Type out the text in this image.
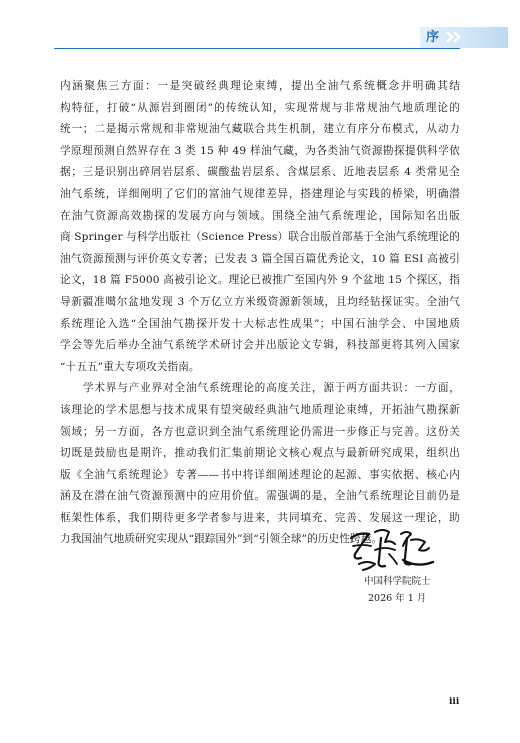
序

内涵聚焦三方面：一是突破经典理论束缚，提出全油气系统概念并明确其结

构特征，打破“从源岩到圈闭”的传统认知，实现常规与非常规油气地质理论的

统一；二是揭示常规和非常规油气藏联合共生机制，建立有序分布模式，从动力

学原理预测自然界存在 3 类 15 种 49 样油气藏，为各类油气资源勘探提供科学依

据；三是识别出碎屑岩层系、碳酸盐岩层系、含煤层系、近地表层系 4 类常见全

油气系统，详细阐明了它们的富油气规律差异，搭建理论与实践的桥梁，明确潜

在油气资源高效勘探的发展方向与领域。围绕全油气系统理论，国际知名出版

商 Springer 与科学出版社（Science Press）联合出版首部基于全油气系统理论的

油气资源预测与评价英文专著；已发表 3 篇全国百篇优秀论文，10 篇 ESI 高被引

论文，18 篇 F5000 高被引论文。理论已被推广至国内外 9 个盆地 15 个探区，指

导新疆准噶尔盆地发现 3 个万亿立方米级资源新领域，且均经钻探证实。全油气

系统理论入选“全国油气勘探开发十大标志性成果”；中国石油学会、中国地质

学会等先后举办全油气系统学术研讨会并出版论文专辑，科技部更将其列入国家

“十五五”重大专项攻关指南。

　　学术界与产业界对全油气系统理论的高度关注，源于两方面共识：一方面，

该理论的学术思想与技术成果有望突破经典油气地质理论束缚，开拓油气勘探新

领域；另一方面，各方也意识到全油气系统理论仍需进一步修正与完善。这份关

切既是鼓励也是期许，推动我们汇集前期论文核心观点与最新研究成果，组织出

版《全油气系统理论》专著——书中将详细阐述理论的起源、事实依据、核心内

涵及在潜在油气资源预测中的应用价值。需强调的是，全油气系统理论目前仍是

框架性体系，我们期待更多学者参与进来，共同填充、完善、发展这一理论，助

力我国油气地质研究实现从“跟踪国外”到“引领全球”的历史性跨越。

中国科学院院士
2026 年 1 月
iii
